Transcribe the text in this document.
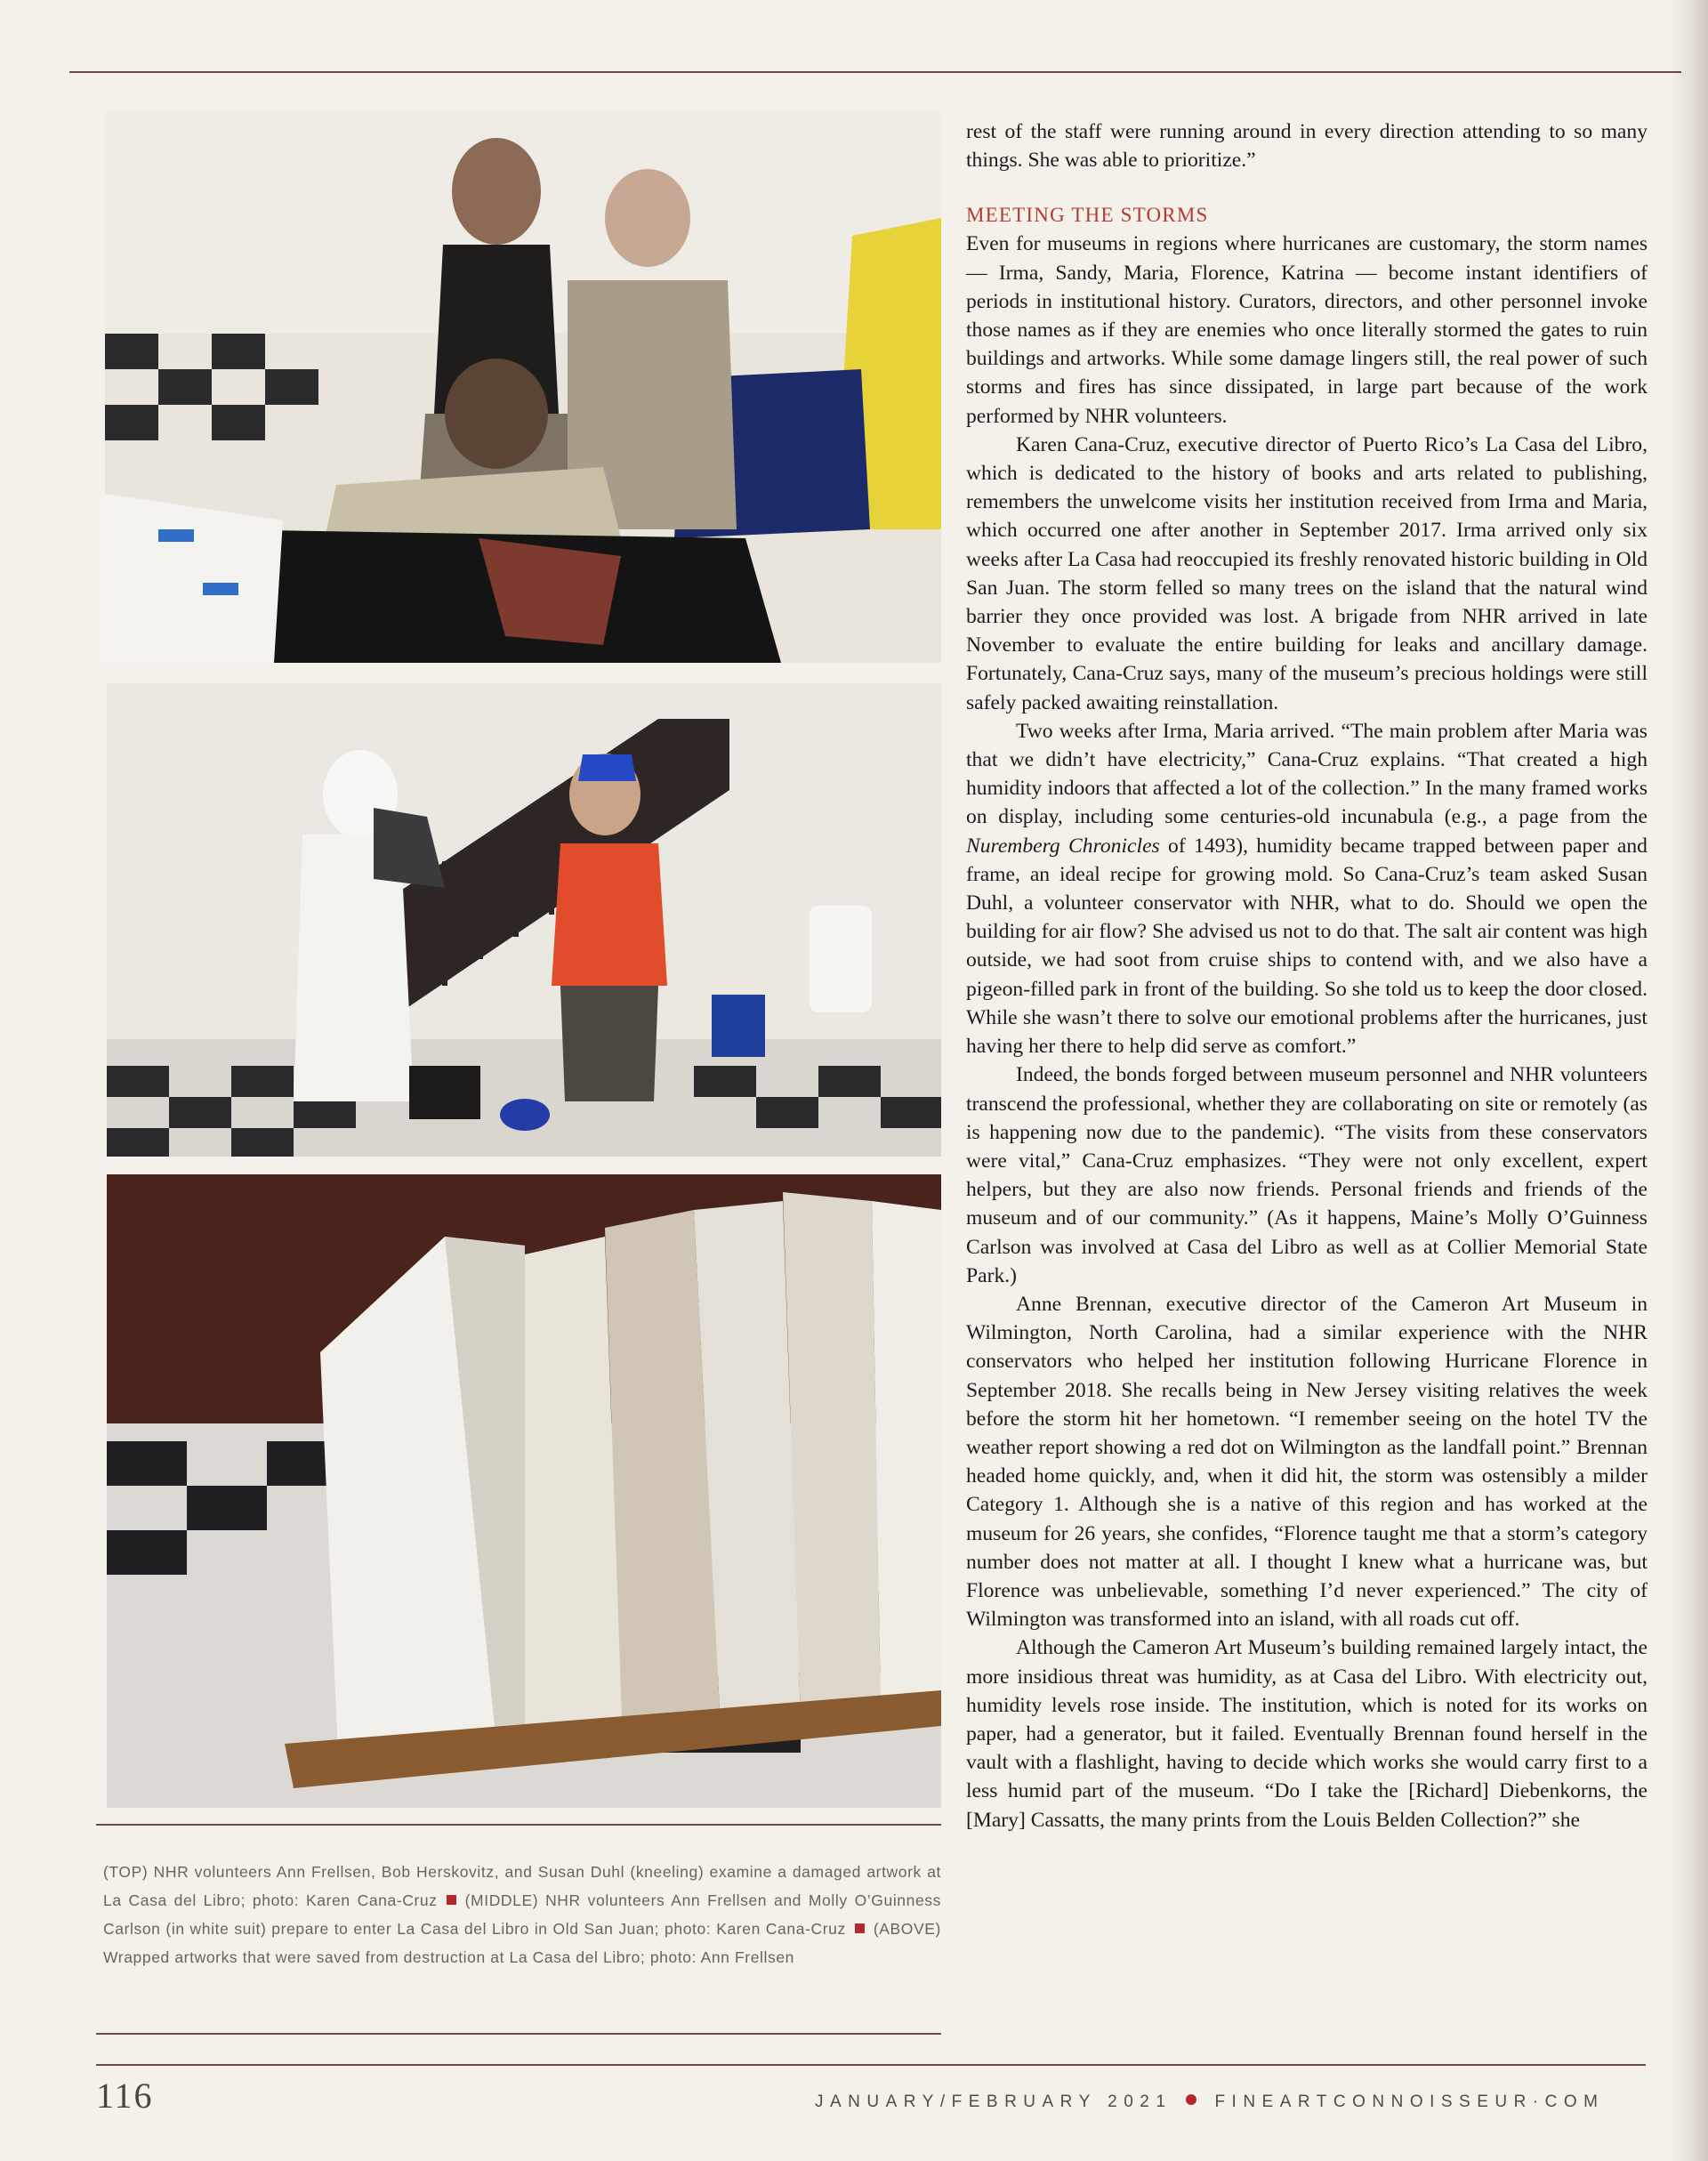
(TOP) NHR volunteers Ann Frellsen, Bob Herskovitz, and Susan Duhl (kneeling) examine a damaged artwork at La Casa del Libro; photo: Karen Cana-Cruz (MIDDLE) NHR volunteers Ann Frellsen and Molly O’Guinness Carlson (in white suit) prepare to enter La Casa del Libro in Old San Juan; photo: Karen Cana-Cruz (ABOVE) Wrapped artworks that were saved from destruction at La Casa del Libro; photo: Ann Frellsen

rest of the staff were running around in every direction attending to so many things. She was able to prioritize.”

MEETING THE STORMS

Even for museums in regions where hurricanes are customary, the storm names — Irma, Sandy, Maria, Florence, Katrina — become instant identifiers of periods in institutional history. Curators, directors, and other personnel invoke those names as if they are enemies who once literally stormed the gates to ruin buildings and artworks. While some damage lingers still, the real power of such storms and fires has since dissipated, in large part because of the work performed by NHR volunteers.

Karen Cana-Cruz, executive director of Puerto Rico’s La Casa del Libro, which is dedicated to the history of books and arts related to publishing, remembers the unwelcome visits her institution received from Irma and Maria, which occurred one after another in September 2017. Irma arrived only six weeks after La Casa had reoccupied its freshly renovated historic building in Old San Juan. The storm felled so many trees on the island that the natural wind barrier they once provided was lost. A brigade from NHR arrived in late November to evaluate the entire building for leaks and ancillary damage. Fortunately, Cana-Cruz says, many of the museum’s precious holdings were still safely packed awaiting reinstallation.

Two weeks after Irma, Maria arrived. “The main problem after Maria was that we didn’t have electricity,” Cana-Cruz explains. “That created a high humidity indoors that affected a lot of the collection.” In the many framed works on display, including some centuries-old incunabula (e.g., a page from the Nuremberg Chronicles of 1493), humidity became trapped between paper and frame, an ideal recipe for growing mold. So Cana-Cruz’s team asked Susan Duhl, a volunteer conservator with NHR, what to do. Should we open the building for air flow? She advised us not to do that. The salt air content was high outside, we had soot from cruise ships to contend with, and we also have a pigeon-filled park in front of the building. So she told us to keep the door closed. While she wasn’t there to solve our emotional problems after the hurricanes, just having her there to help did serve as comfort.”

Indeed, the bonds forged between museum personnel and NHR volunteers transcend the professional, whether they are collaborating on site or remotely (as is happening now due to the pandemic). “The visits from these conservators were vital,” Cana-Cruz emphasizes. “They were not only excellent, expert helpers, but they are also now friends. Personal friends and friends of the museum and of our community.” (As it happens, Maine’s Molly O’Guinness Carlson was involved at Casa del Libro as well as at Collier Memorial State Park.)

Anne Brennan, executive director of the Cameron Art Museum in Wilmington, North Carolina, had a similar experience with the NHR conservators who helped her institution following Hurricane Florence in September 2018. She recalls being in New Jersey visiting relatives the week before the storm hit her hometown. “I remember seeing on the hotel TV the weather report showing a red dot on Wilmington as the landfall point.” Brennan headed home quickly, and, when it did hit, the storm was ostensibly a milder Category 1. Although she is a native of this region and has worked at the museum for 26 years, she confides, “Florence taught me that a storm’s category number does not matter at all. I thought I knew what a hurricane was, but Florence was unbelievable, something I’d never experienced.” The city of Wilmington was transformed into an island, with all roads cut off.

Although the Cameron Art Museum’s building remained largely intact, the more insidious threat was humidity, as at Casa del Libro. With electricity out, humidity levels rose inside. The institution, which is noted for its works on paper, had a generator, but it failed. Eventually Brennan found herself in the vault with a flashlight, having to decide which works she would carry first to a less humid part of the museum. “Do I take the [Richard] Diebenkorns, the [Mary] Cassatts, the many prints from the Louis Belden Collection?” she

116	JANUARY/FEBRUARY 2021	FINEARTCONNOISSEUR·COM
